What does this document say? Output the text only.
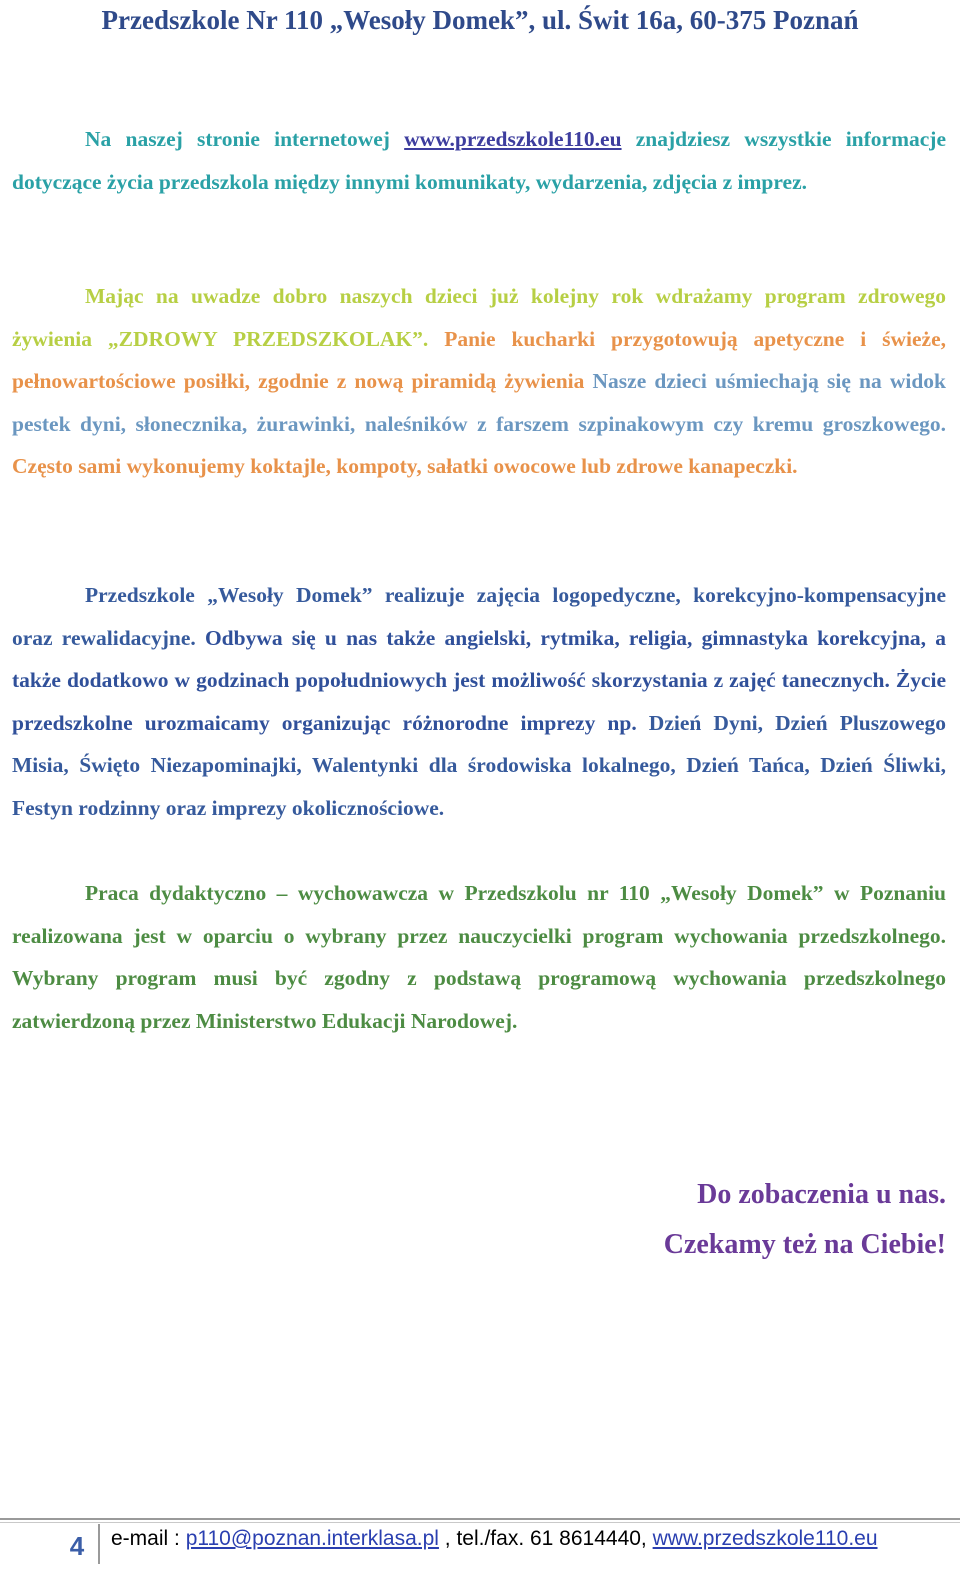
Przedszkole Nr 110 „Wesoły Domek”, ul. Świt 16a, 60-375 Poznań

Na naszej stronie internetowej www.przedszkole110.eu znajdziesz wszystkie informacje dotyczące życia przedszkola między innymi komunikaty, wydarzenia, zdjęcia z imprez.

Mając na uwadze dobro naszych dzieci już kolejny rok wdrażamy program zdrowego żywienia „ZDROWY PRZEDSZKOLAK”. Panie kucharki przygotowują apetyczne i świeże, pełnowartościowe posiłki, zgodnie z nową piramidą żywienia Nasze dzieci uśmiechają się na widok pestek dyni, słonecznika, żurawinki, naleśników z farszem szpinakowym czy kremu groszkowego. Często sami wykonujemy koktajle, kompoty, sałatki owocowe lub zdrowe kanapeczki.

Przedszkole „Wesoły Domek” realizuje zajęcia logopedyczne, korekcyjno-kompensacyjne oraz rewalidacyjne. Odbywa się u nas także angielski, rytmika, religia, gimnastyka korekcyjna, a także dodatkowo w godzinach popołudniowych jest możliwość skorzystania z zajęć tanecznych. Życie przedszkolne urozmaicamy organizując różnorodne imprezy np. Dzień Dyni, Dzień Pluszowego Misia, Święto Niezapominajki, Walentynki dla środowiska lokalnego, Dzień Tańca, Dzień Śliwki, Festyn rodzinny oraz imprezy okolicznościowe.

Praca dydaktyczno – wychowawcza w Przedszkolu nr 110 „Wesoły Domek” w Poznaniu realizowana jest w oparciu o wybrany przez nauczycielki program wychowania przedszkolnego. Wybrany program musi być zgodny z podstawą programową wychowania przedszkolnego zatwierdzoną przez Ministerstwo Edukacji Narodowej.

Do zobaczenia u nas.
Czekamy też na Ciebie!
4	e-mail : p110@poznan.interklasa.pl , tel./fax. 61 8614440, www.przedszkole110.eu
